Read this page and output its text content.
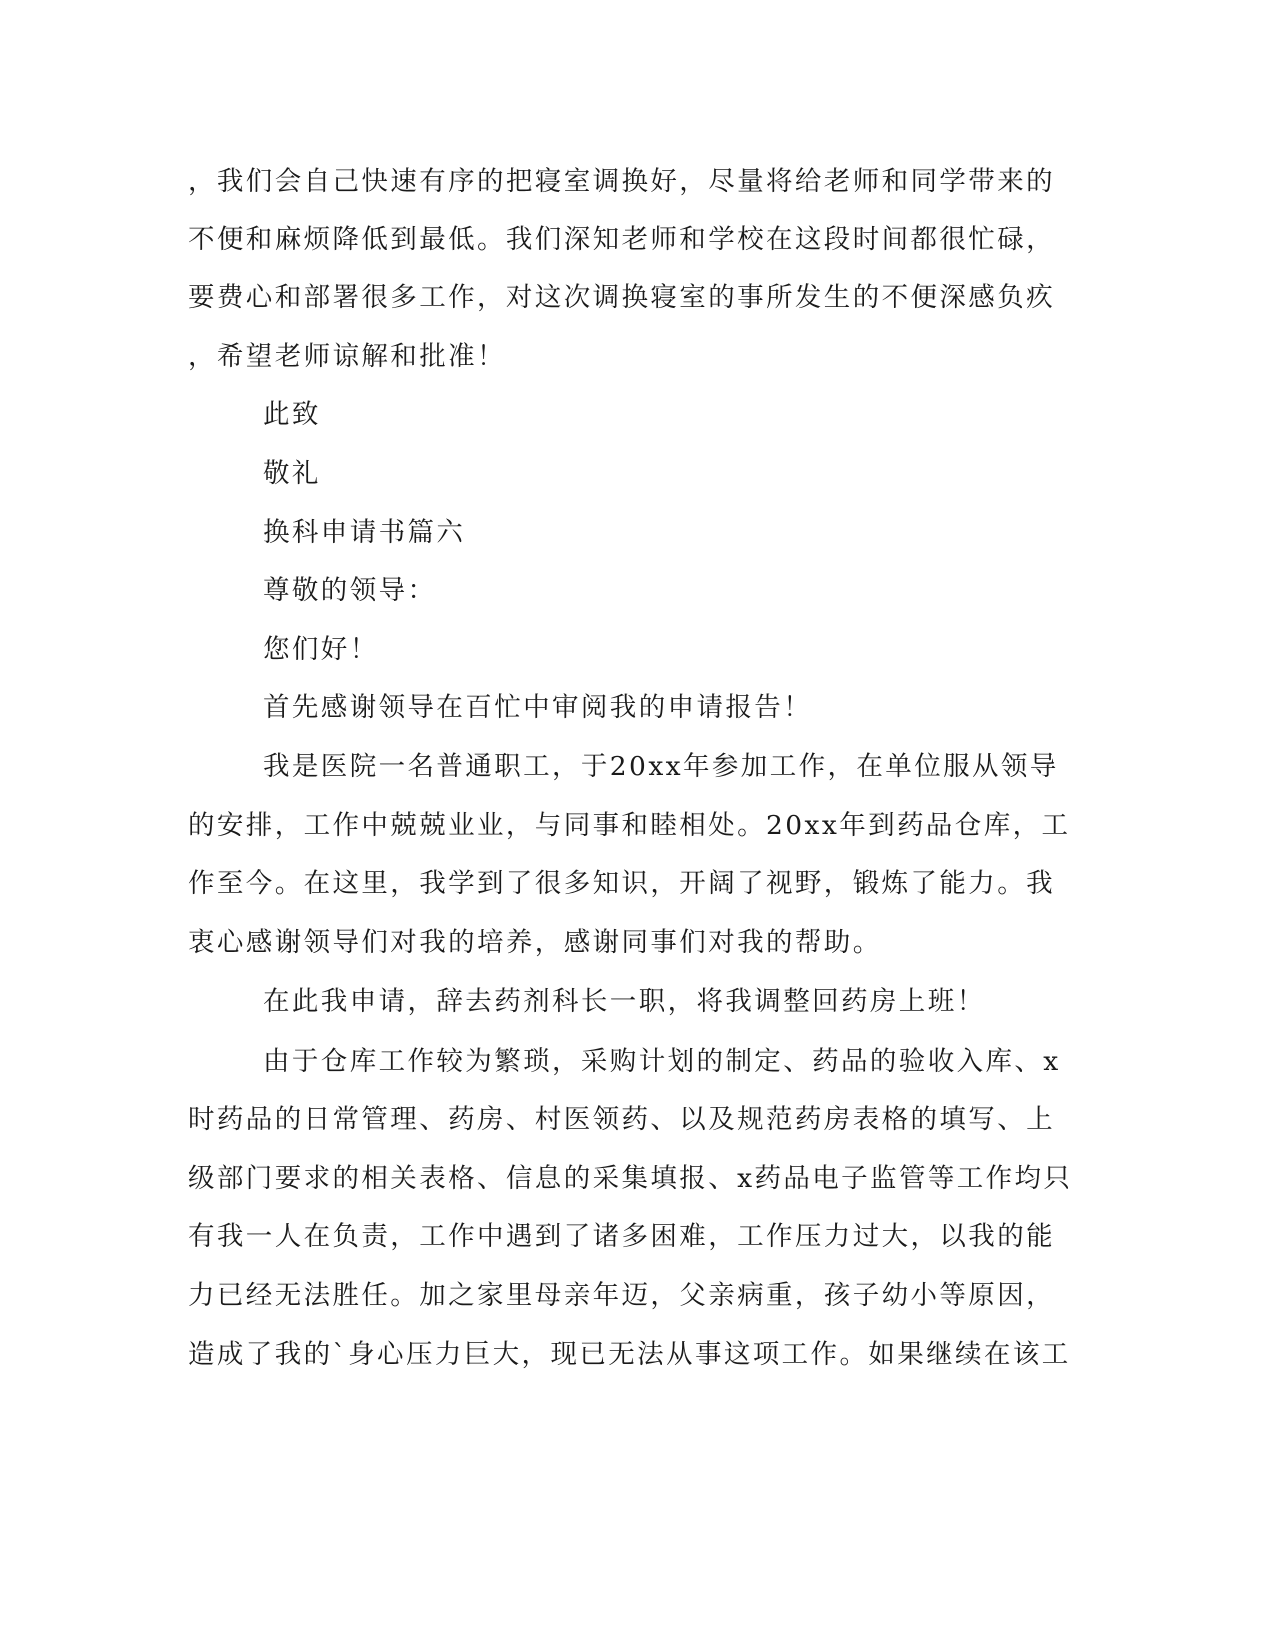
，我们会自己快速有序的把寝室调换好，尽量将给老师和同学带来的
不便和麻烦降低到最低。我们深知老师和学校在这段时间都很忙碌，
要费心和部署很多工作，对这次调换寝室的事所发生的不便深感负疚
，希望老师谅解和批准！
此致
敬礼
换科申请书篇六
尊敬的领导：
您们好！
首先感谢领导在百忙中审阅我的申请报告！
我是医院一名普通职工，于20xx年参加工作，在单位服从领导
的安排，工作中兢兢业业，与同事和睦相处。20xx年到药品仓库，工
作至今。在这里，我学到了很多知识，开阔了视野，锻炼了能力。我
衷心感谢领导们对我的培养，感谢同事们对我的帮助。
在此我申请，辞去药剂科长一职，将我调整回药房上班！
由于仓库工作较为繁琐，采购计划的制定、药品的验收入库、x
时药品的日常管理、药房、村医领药、以及规范药房表格的填写、上
级部门要求的相关表格、信息的采集填报、x药品电子监管等工作均只
有我一人在负责，工作中遇到了诸多困难，工作压力过大，以我的能
力已经无法胜任。加之家里母亲年迈，父亲病重，孩子幼小等原因，
造成了我的`身心压力巨大，现已无法从事这项工作。如果继续在该工
